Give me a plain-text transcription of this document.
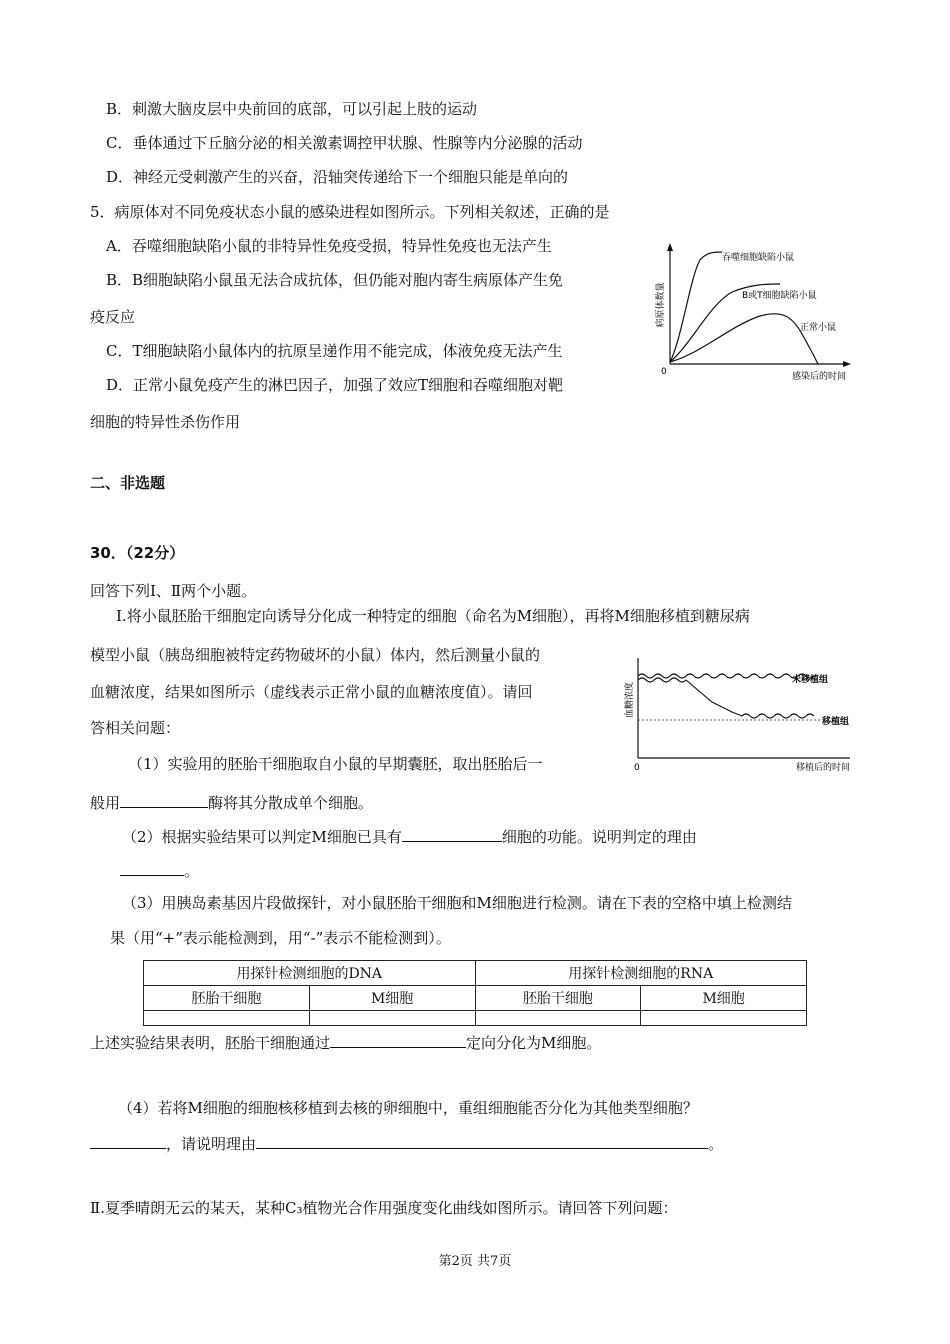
B．刺激大脑皮层中央前回的底部，可以引起上肢的运动
C．垂体通过下丘脑分泌的相关激素调控甲状腺、性腺等内分泌腺的活动
D．神经元受刺激产生的兴奋，沿轴突传递给下一个细胞只能是单向的
5．病原体对不同免疫状态小鼠的感染进程如图所示。下列相关叙述，正确的是
A．吞噬细胞缺陷小鼠的非特异性免疫受损，特异性免疫也无法产生
B．B细胞缺陷小鼠虽无法合成抗体，但仍能对胞内寄生病原体产生免
疫反应
C．T细胞缺陷小鼠体内的抗原呈递作用不能完成，体液免疫无法产生
D．正常小鼠免疫产生的淋巴因子，加强了效应T细胞和吞噬细胞对靶
细胞的特异性杀伤作用
病原体数量
0	感染后的时间
吞噬细胞缺陷小鼠
B或T细胞缺陷小鼠
正常小鼠
二、非选题
30．（22分）
回答下列Ⅰ、Ⅱ两个小题。
Ⅰ.将小鼠胚胎干细胞定向诱导分化成一种特定的细胞（命名为M细胞），再将M细胞移植到糖尿病
模型小鼠（胰岛细胞被特定药物破坏的小鼠）体内，然后测量小鼠的
血糖浓度，结果如图所示（虚线表示正常小鼠的血糖浓度值）。请回
答相关问题：
血糖浓度
0	移植后的时间
未移植组
移植组
（1）实验用的胚胎干细胞取自小鼠的早期囊胚，取出胚胎后一
般用	酶将其分散成单个细胞。
（2）根据实验结果可以判定M细胞已具有	细胞的功能。说明判定的理由
。
（3）用胰岛素基因片段做探针，对小鼠胚胎干细胞和M细胞进行检测。请在下表的空格中填上检测结
果（用“+”表示能检测到，用“-”表示不能检测到）。
用探针检测细胞的DNA		用探针检测细胞的RNA	
胚胎干细胞	M细胞	胚胎干细胞	M细胞

上述实验结果表明，胚胎干细胞通过	定向分化为M细胞。
（4）若将M细胞的细胞核移植到去核的卵细胞中，重组细胞能否分化为其他类型细胞？
，请说明理由	。
Ⅱ.夏季晴朗无云的某天，某种C₃植物光合作用强度变化曲线如图所示。请回答下列问题：
第2页 共7页
